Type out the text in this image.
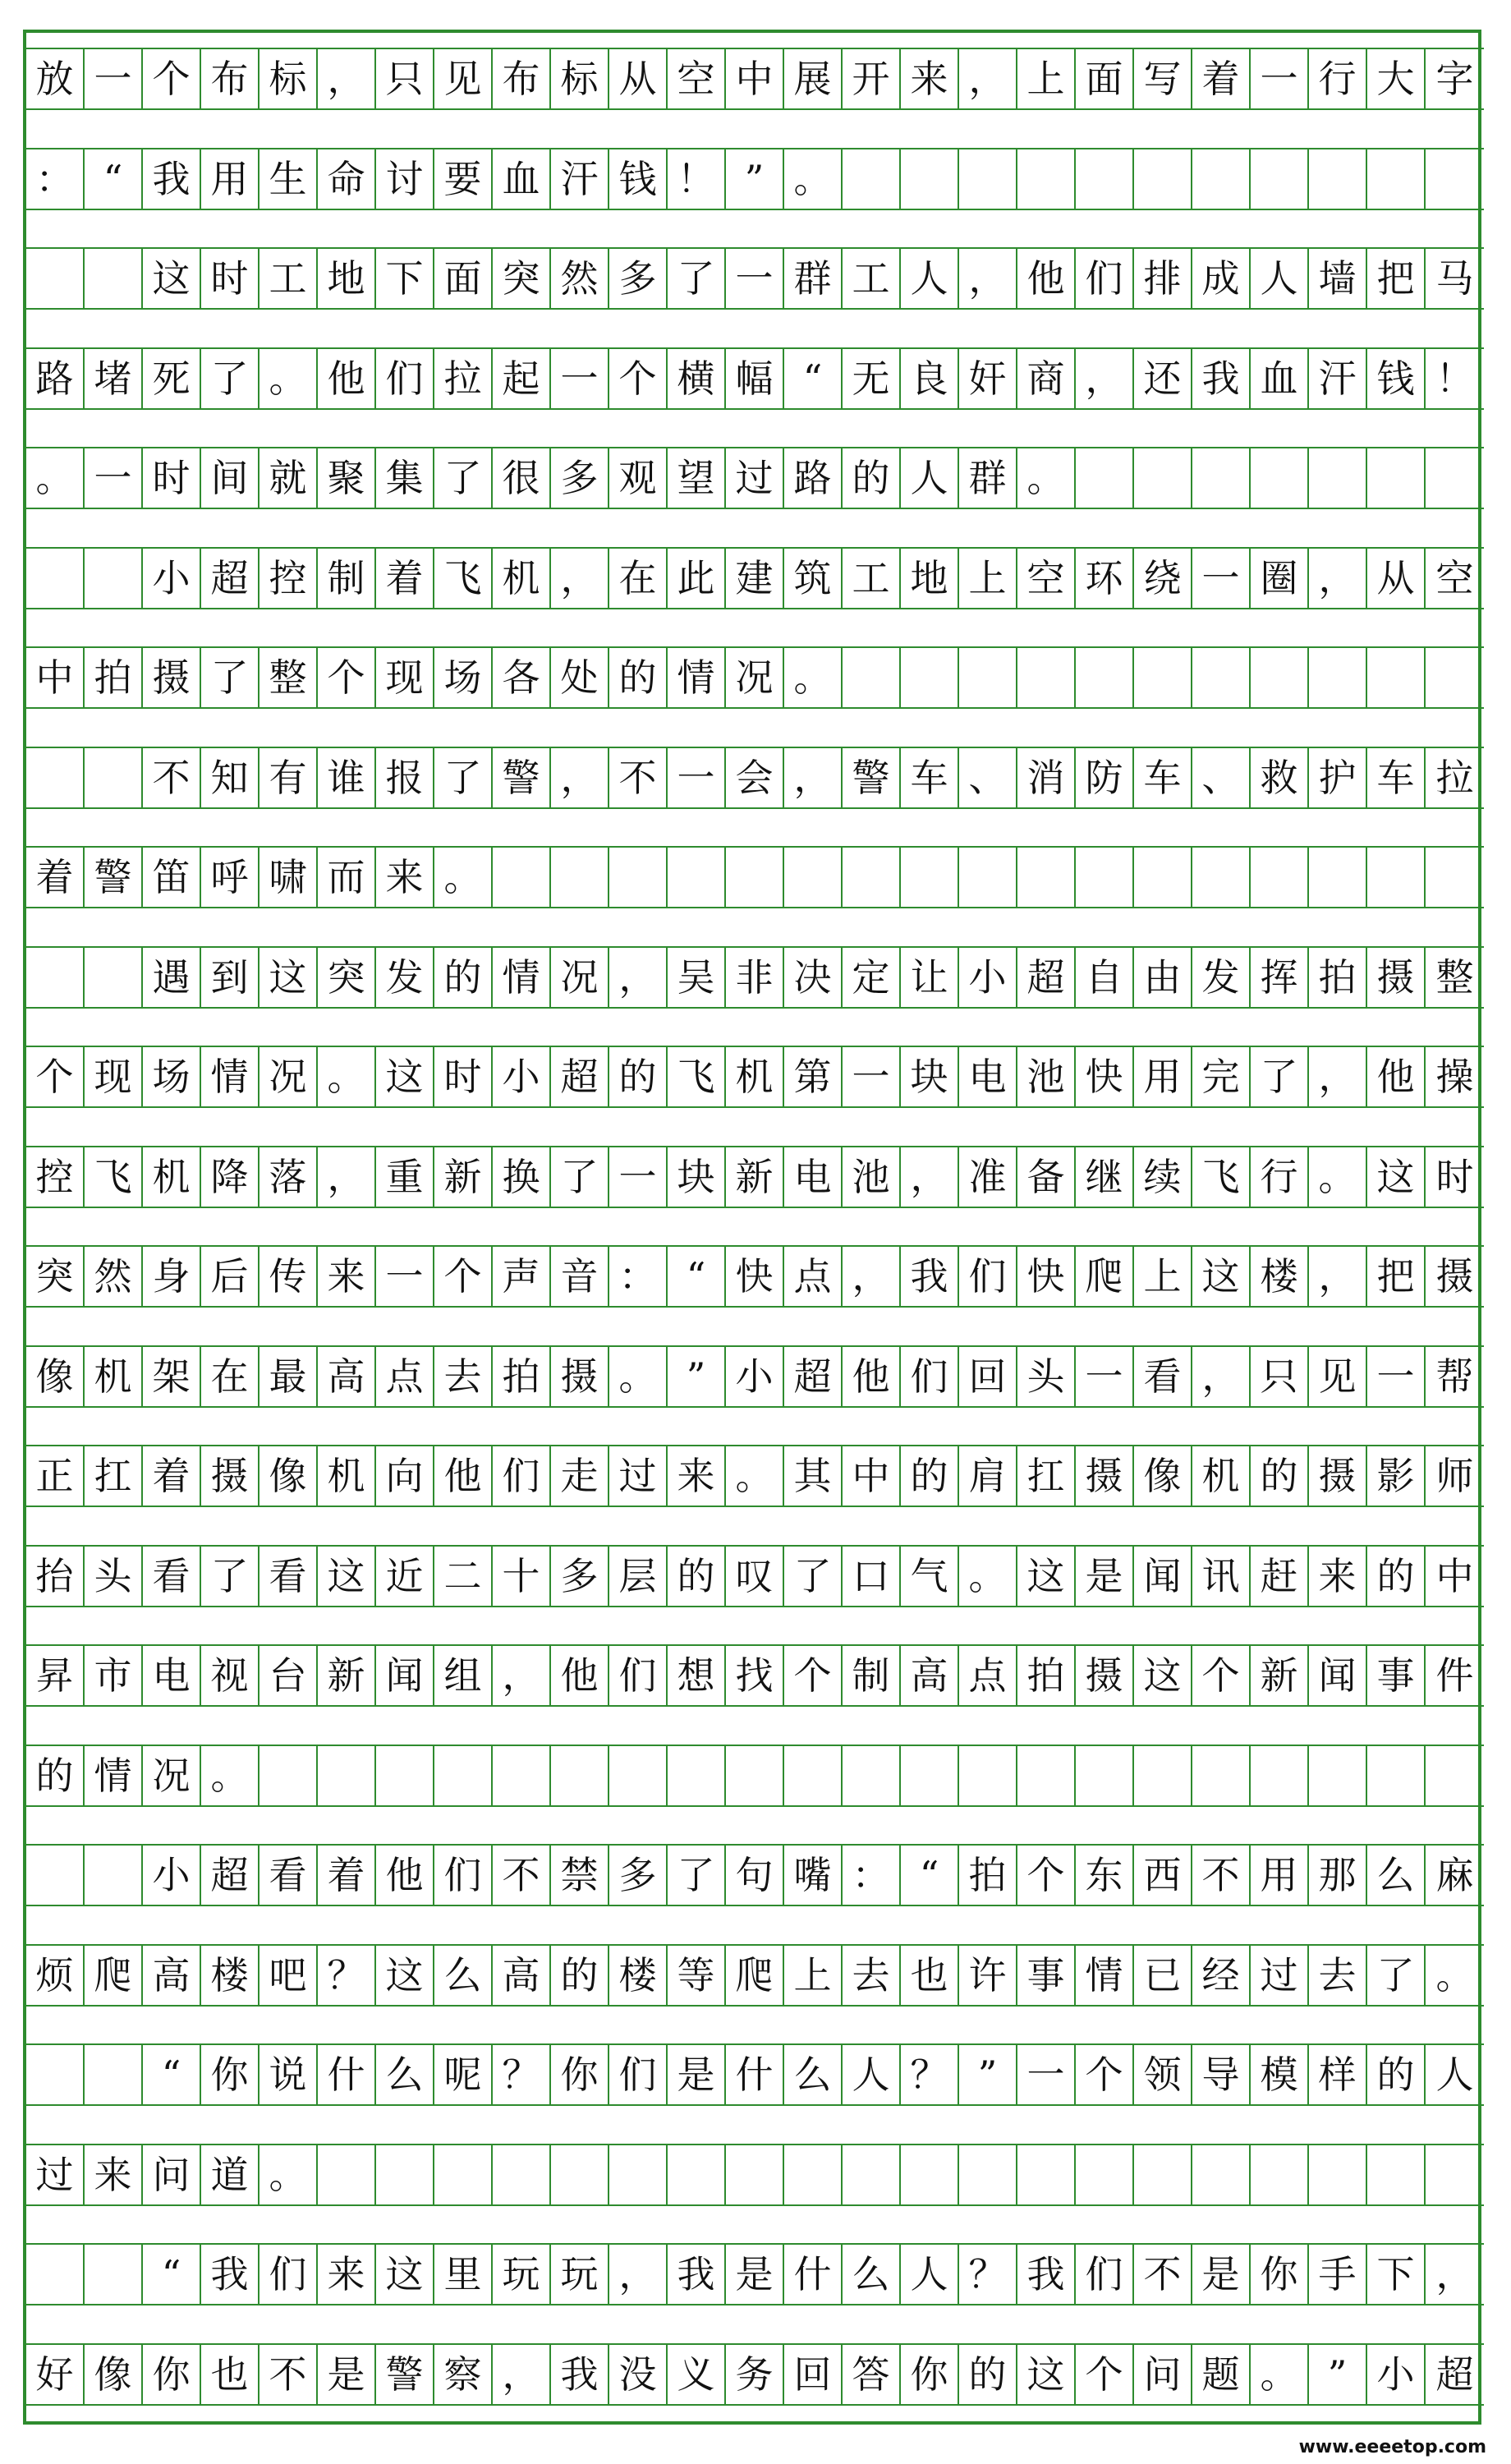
放 一 个 布 标 ， 只 见 布 标 从 空 中 展 开 来 ， 上 面 写 着 一 行 大 字
： “ 我 用 生 命 讨 要 血 汗 钱 ！ ” 。
这 时 工 地 下 面 突 然 多 了 一 群 工 人 ， 他 们 排 成 人 墙 把 马
路 堵 死 了 。 他 们 拉 起 一 个 横 幅 “ 无 良 奸 商 ， 还 我 血 汗 钱 ！
。 一 时 间 就 聚 集 了 很 多 观 望 过 路 的 人 群 。
小 超 控 制 着 飞 机 ， 在 此 建 筑 工 地 上 空 环 绕 一 圈 ， 从 空
中 拍 摄 了 整 个 现 场 各 处 的 情 况 。
不 知 有 谁 报 了 警 ， 不 一 会 ， 警 车 、 消 防 车 、 救 护 车 拉
着 警 笛 呼 啸 而 来 。
遇 到 这 突 发 的 情 况 ， 吴 非 决 定 让 小 超 自 由 发 挥 拍 摄 整
个 现 场 情 况 。 这 时 小 超 的 飞 机 第 一 块 电 池 快 用 完 了 ， 他 操
控 飞 机 降 落 ， 重 新 换 了 一 块 新 电 池 ， 准 备 继 续 飞 行 。 这 时
突 然 身 后 传 来 一 个 声 音 ： “ 快 点 ， 我 们 快 爬 上 这 楼 ， 把 摄
像 机 架 在 最 高 点 去 拍 摄 。 ” 小 超 他 们 回 头 一 看 ， 只 见 一 帮
正 扛 着 摄 像 机 向 他 们 走 过 来 。 其 中 的 肩 扛 摄 像 机 的 摄 影 师
抬 头 看 了 看 这 近 二 十 多 层 的 叹 了 口 气 。 这 是 闻 讯 赶 来 的 中
昇 市 电 视 台 新 闻 组 ， 他 们 想 找 个 制 高 点 拍 摄 这 个 新 闻 事 件
的 情 况 。
小 超 看 着 他 们 不 禁 多 了 句 嘴 ： “ 拍 个 东 西 不 用 那 么 麻
烦 爬 高 楼 吧 ？ 这 么 高 的 楼 等 爬 上 去 也 许 事 情 已 经 过 去 了 。
“ 你 说 什 么 呢 ？ 你 们 是 什 么 人 ？ ” 一 个 领 导 模 样 的 人
过 来 问 道 。
“ 我 们 来 这 里 玩 玩 ， 我 是 什 么 人 ？ 我 们 不 是 你 手 下 ，
好 像 你 也 不 是 警 察 ， 我 没 义 务 回 答 你 的 这 个 问 题 。 ” 小 超
www.eeeetop.com
